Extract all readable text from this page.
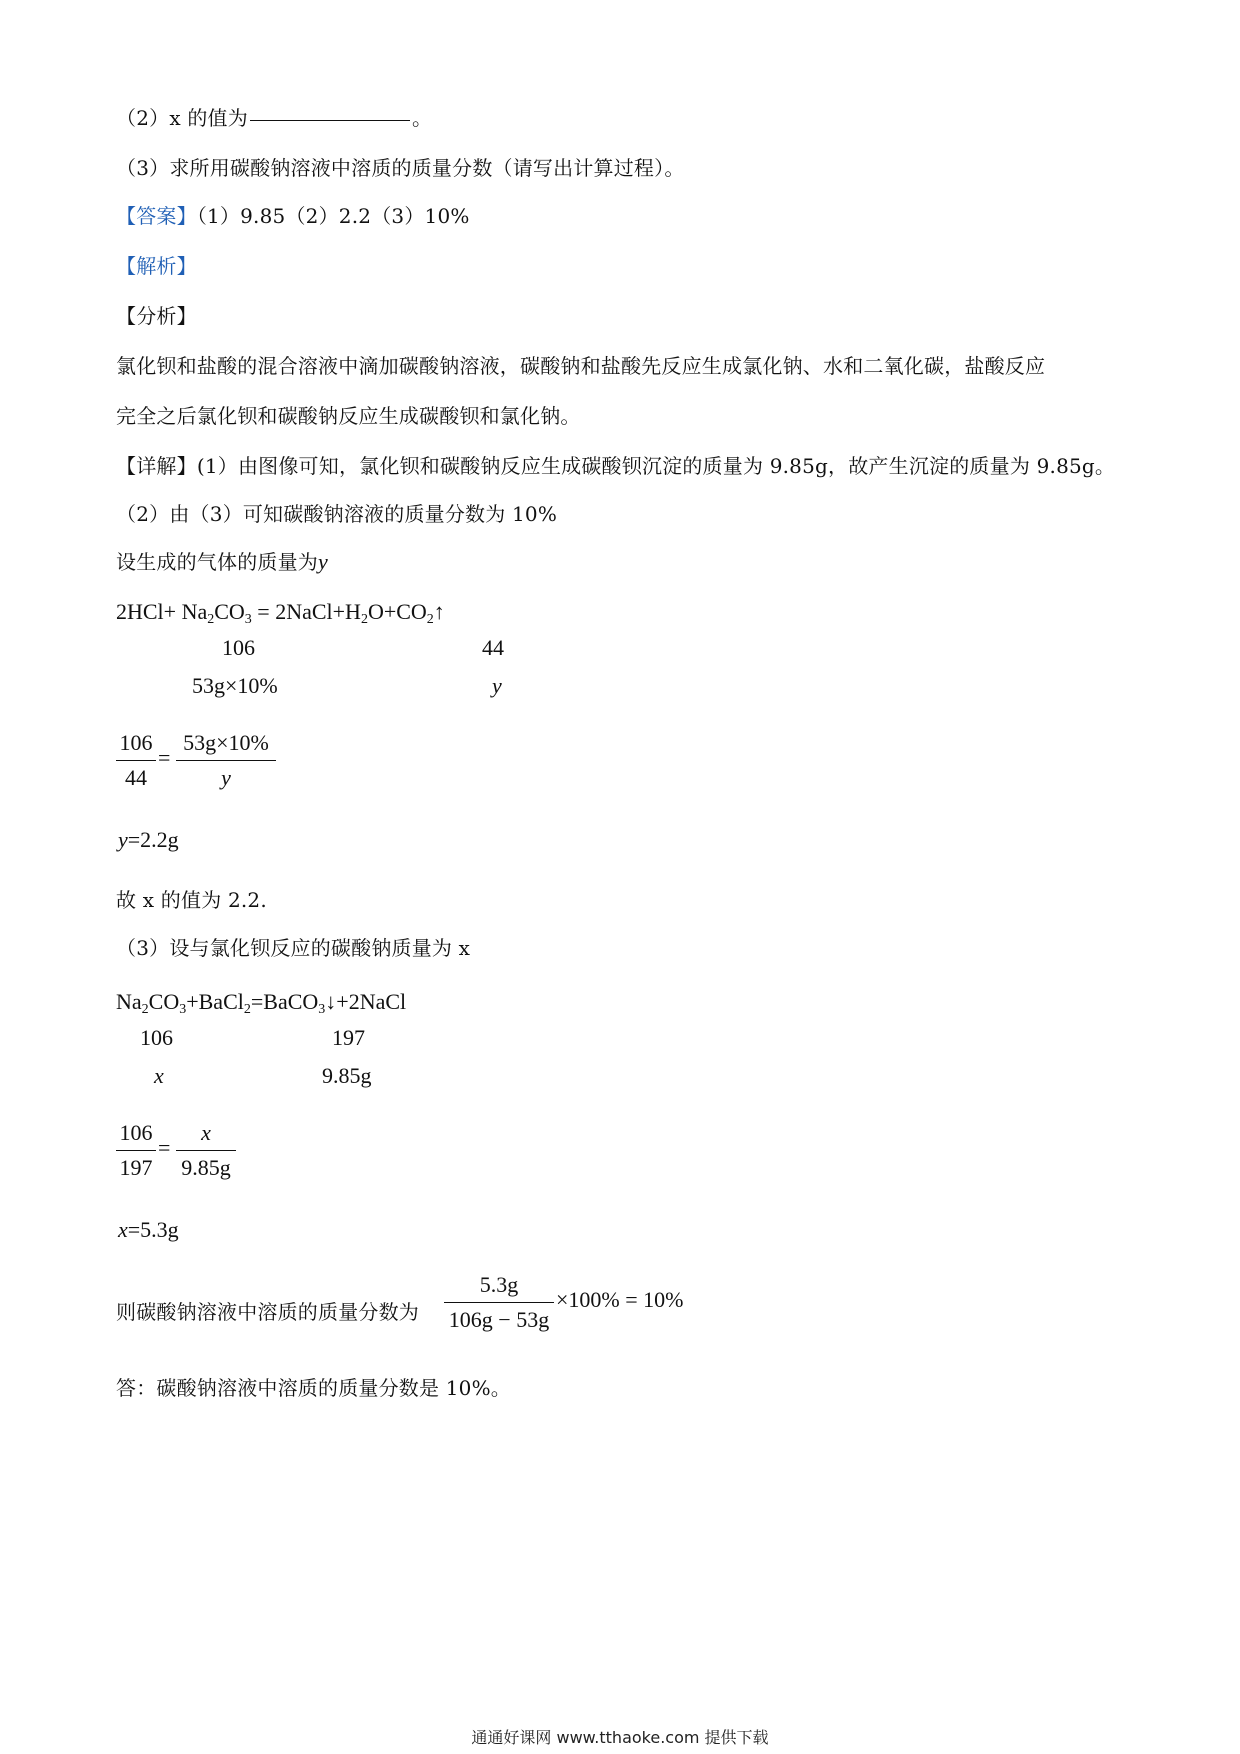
（2）x 的值为	。
（3）求所用碳酸钠溶液中溶质的质量分数（请写出计算过程）。
【答案】（1）9.85（2）2.2（3）10%
【解析】
【分析】
氯化钡和盐酸的混合溶液中滴加碳酸钠溶液，碳酸钠和盐酸先反应生成氯化钠、水和二氧化碳，盐酸反应
完全之后氯化钡和碳酸钠反应生成碳酸钡和氯化钠。
【详解】(1）由图像可知，氯化钡和碳酸钠反应生成碳酸钡沉淀的质量为 9.85g，故产生沉淀的质量为 9.85g。
（2）由（3）可知碳酸钠溶液的质量分数为 10%
设生成的气体的质量为y
$2HCl+ Na_2CO_3$ = $2NaCl+H_2O+CO_2↑$
106	44
53g×10%	y
106
44
=
53g×10%
y
y=2.2g
故 x 的值为 2.2.
（3）设与氯化钡反应的碳酸钠质量为 x
$Na_2CO_3+BaCl_2=BaCO_3↓+2NaCl$
106	197
x	9.85g
106
197
=
x
9.85g
x=5.3g
则碳酸钠溶液中溶质的质量分数为
5.3g
106g − 53g
×100% = 10%
答：碳酸钠溶液中溶质的质量分数是 10%。
通通好课网 www.tthaoke.com 提供下载
